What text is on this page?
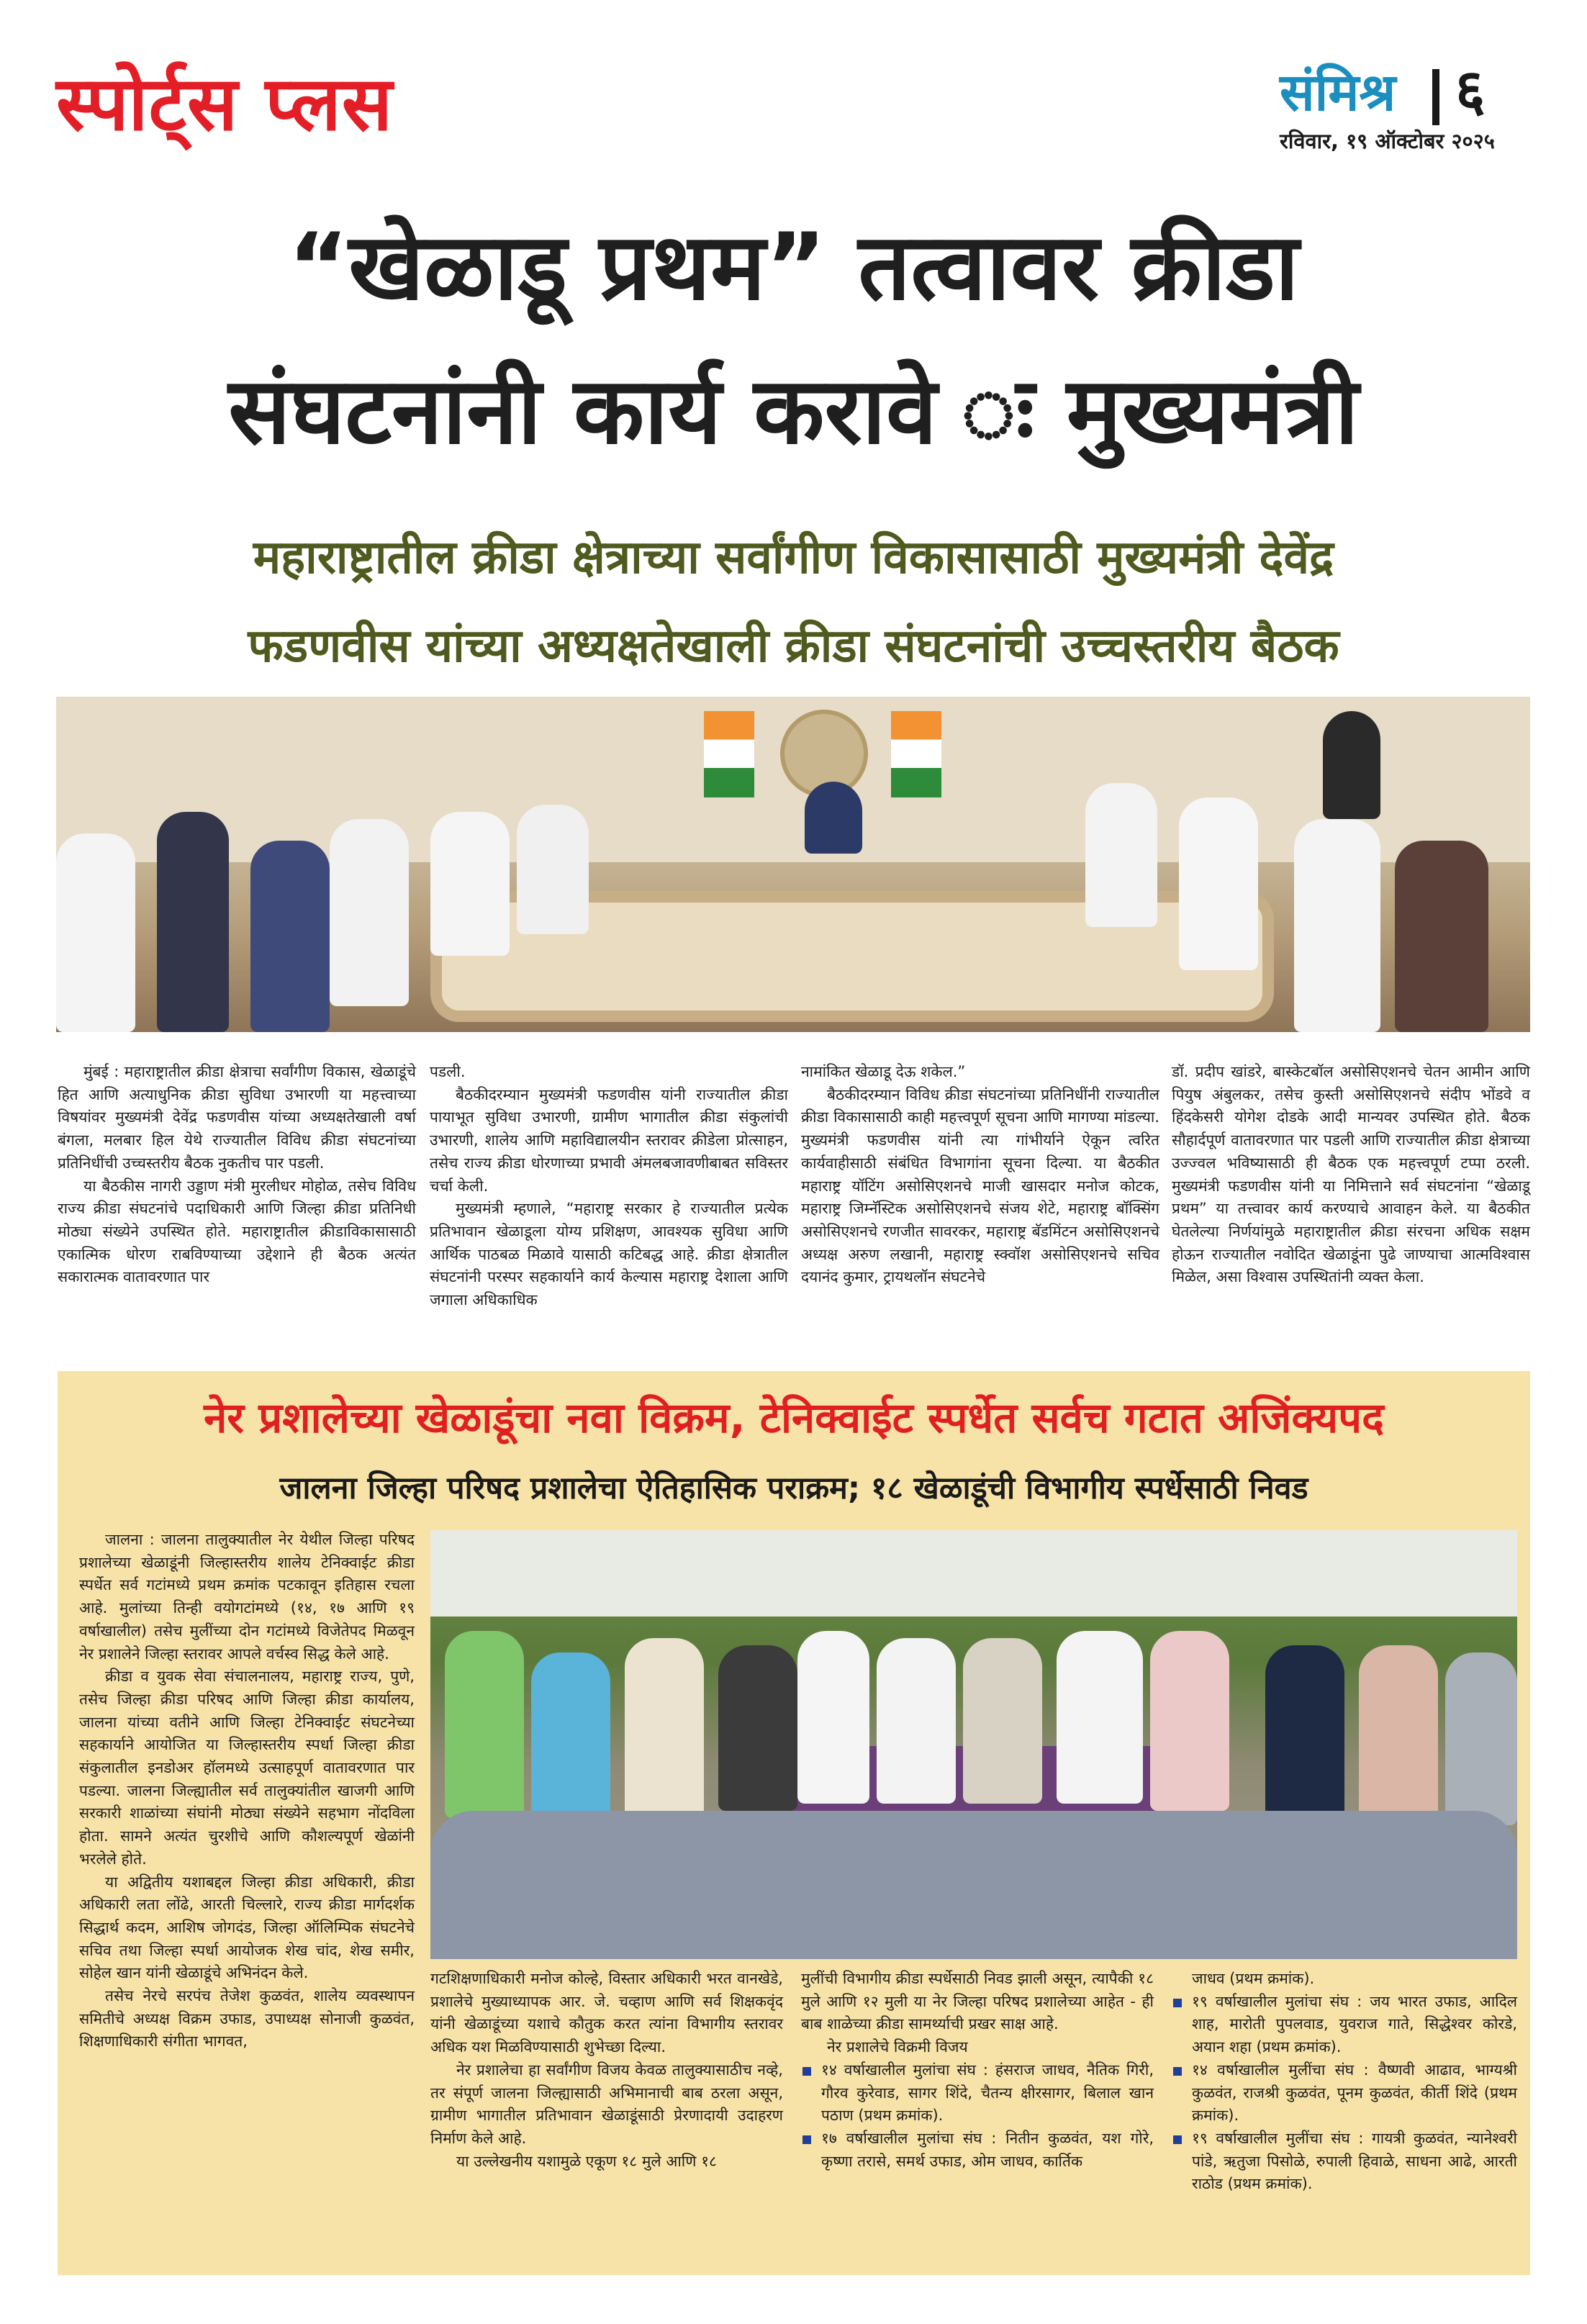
स्पोर्ट्स प्लस	संमिश्र ६
रविवार, १९ ऑक्टोबर २०२५
“खेळाडू प्रथम” तत्वावर क्रीडा
संघटनांनी कार्य करावे ः मुख्यमंत्री
महाराष्ट्रातील क्रीडा क्षेत्राच्या सर्वांगीण विकासासाठी मुख्यमंत्री देवेंद्र
फडणवीस यांच्या अध्यक्षतेखाली क्रीडा संघटनांची उच्चस्तरीय बैठक

मुंबई : महाराष्ट्रातील क्रीडा क्षेत्राचा सर्वांगीण विकास, खेळाडूंचे हित आणि अत्याधुनिक क्रीडा सुविधा उभारणी या महत्त्वाच्या विषयांवर मुख्यमंत्री देवेंद्र फडणवीस यांच्या अध्यक्षतेखाली वर्षा बंगला, मलबार हिल येथे राज्यातील विविध क्रीडा संघटनांच्या प्रतिनिधींची उच्चस्तरीय बैठक नुकतीच पार पडली.

या बैठकीस नागरी उड्डाण मंत्री मुरलीधर मोहोळ, तसेच विविध राज्य क्रीडा संघटनांचे पदाधिकारी आणि जिल्हा क्रीडा प्रतिनिधी मोठ्या संख्येने उपस्थित होते. महाराष्ट्रातील क्रीडाविकासासाठी एकात्मिक धोरण राबविण्याच्या उद्देशाने ही बैठक अत्यंत सकारात्मक वातावरणात पार

पडली.

बैठकीदरम्यान मुख्यमंत्री फडणवीस यांनी राज्यातील क्रीडा पायाभूत सुविधा उभारणी, ग्रामीण भागातील क्रीडा संकुलांची उभारणी, शालेय आणि महाविद्यालयीन स्तरावर क्रीडेला प्रोत्साहन, तसेच राज्य क्रीडा धोरणाच्या प्रभावी अंमलबजावणीबाबत सविस्तर चर्चा केली.

मुख्यमंत्री म्हणाले, “महाराष्ट्र सरकार हे राज्यातील प्रत्येक प्रतिभावान खेळाडूला योग्य प्रशिक्षण, आवश्यक सुविधा आणि आर्थिक पाठबळ मिळावे यासाठी कटिबद्ध आहे. क्रीडा क्षेत्रातील संघटनांनी परस्पर सहकार्याने कार्य केल्यास महाराष्ट्र देशाला आणि जगाला अधिकाधिक

नामांकित खेळाडू देऊ शकेल.”

बैठकीदरम्यान विविध क्रीडा संघटनांच्या प्रतिनिधींनी राज्यातील क्रीडा विकासासाठी काही महत्त्वपूर्ण सूचना आणि मागण्या मांडल्या. मुख्यमंत्री फडणवीस यांनी त्या गांभीर्याने ऐकून त्वरित कार्यवाहीसाठी संबंधित विभागांना सूचना दिल्या. या बैठकीत महाराष्ट्र यॉटिंग असोसिएशनचे माजी खासदार मनोज कोटक, महाराष्ट्र जिम्नॅस्टिक असोसिएशनचे संजय शेटे, महाराष्ट्र बॉक्सिंग असोसिएशनचे रणजीत सावरकर, महाराष्ट्र बॅडमिंटन असोसिएशनचे अध्यक्ष अरुण लखानी, महाराष्ट्र स्क्वॉश असोसिएशनचे सचिव दयानंद कुमार, ट्रायथलॉन संघटनेचे

डॉ. प्रदीप खांडरे, बास्केटबॉल असोसिएशनचे चेतन आमीन आणि पियुष अंबुलकर, तसेच कुस्ती असोसिएशनचे संदीप भोंडवे व हिंदकेसरी योगेश दोडके आदी मान्यवर उपस्थित होते. बैठक सौहार्दपूर्ण वातावरणात पार पडली आणि राज्यातील क्रीडा क्षेत्राच्या उज्ज्वल भविष्यासाठी ही बैठक एक महत्त्वपूर्ण टप्पा ठरली. मुख्यमंत्री फडणवीस यांनी या निमित्ताने सर्व संघटनांना “खेळाडू प्रथम” या तत्त्वावर कार्य करण्याचे आवाहन केले. या बैठकीत घेतलेल्या निर्णयांमुळे महाराष्ट्रातील क्रीडा संरचना अधिक सक्षम होऊन राज्यातील नवोदित खेळाडूंना पुढे जाण्याचा आत्मविश्वास मिळेल, असा विश्वास उपस्थितांनी व्यक्त केला.

नेर प्रशालेच्या खेळाडूंचा नवा विक्रम, टेनिक्वाईट स्पर्धेत सर्वच गटात अजिंक्यपद
जालना जिल्हा परिषद प्रशालेचा ऐतिहासिक पराक्रम; १८ खेळाडूंची विभागीय स्पर्धेसाठी निवड

जालना : जालना तालुक्यातील नेर येथील जिल्हा परिषद प्रशालेच्या खेळाडूंनी जिल्हास्तरीय शालेय टेनिक्वाईट क्रीडा स्पर्धेत सर्व गटांमध्ये प्रथम क्रमांक पटकावून इतिहास रचला आहे. मुलांच्या तिन्ही वयोगटांमध्ये (१४, १७ आणि १९ वर्षाखालील) तसेच मुलींच्या दोन गटांमध्ये विजेतेपद मिळवून नेर प्रशालेने जिल्हा स्तरावर आपले वर्चस्व सिद्ध केले आहे.

क्रीडा व युवक सेवा संचालनालय, महाराष्ट्र राज्य, पुणे, तसेच जिल्हा क्रीडा परिषद आणि जिल्हा क्रीडा कार्यालय, जालना यांच्या वतीने आणि जिल्हा टेनिक्वाईट संघटनेच्या सहकार्याने आयोजित या जिल्हास्तरीय स्पर्धा जिल्हा क्रीडा संकुलातील इनडोअर हॉलमध्ये उत्साहपूर्ण वातावरणात पार पडल्या. जालना जिल्ह्यातील सर्व तालुक्यांतील खाजगी आणि सरकारी शाळांच्या संघांनी मोठ्या संख्येने सहभाग नोंदविला होता. सामने अत्यंत चुरशीचे आणि कौशल्यपूर्ण खेळांनी भरलेले होते.

या अद्वितीय यशाबद्दल जिल्हा क्रीडा अधिकारी, क्रीडा अधिकारी लता लोंढे, आरती चिल्लारे, राज्य क्रीडा मार्गदर्शक सिद्धार्थ कदम, आशिष जोगदंड, जिल्हा ऑलिम्पिक संघटनेचे सचिव तथा जिल्हा स्पर्धा आयोजक शेख चांद, शेख समीर, सोहेल खान यांनी खेळाडूंचे अभिनंदन केले.

तसेच नेरचे सरपंच तेजेश कुळवंत, शालेय व्यवस्थापन समितीचे अध्यक्ष विक्रम उफाड, उपाध्यक्ष सोनाजी कुळवंत, शिक्षणाधिकारी संगीता भागवत,

गटशिक्षणाधिकारी मनोज कोल्हे, विस्तार अधिकारी भरत वानखेडे, प्रशालेचे मुख्याध्यापक आर. जे. चव्हाण आणि सर्व शिक्षकवृंद यांनी खेळाडूंच्या यशाचे कौतुक करत त्यांना विभागीय स्तरावर अधिक यश मिळविण्यासाठी शुभेच्छा दिल्या.

नेर प्रशालेचा हा सर्वांगीण विजय केवळ तालुक्यासाठीच नव्हे, तर संपूर्ण जालना जिल्ह्यासाठी अभिमानाची बाब ठरला असून, ग्रामीण भागातील प्रतिभावान खेळाडूंसाठी प्रेरणादायी उदाहरण निर्माण केले आहे.

या उल्लेखनीय यशामुळे एकूण १८ मुले आणि १८

मुलींची विभागीय क्रीडा स्पर्धेसाठी निवड झाली असून, त्यापैकी १८ मुले आणि १२ मुली या नेर जिल्हा परिषद प्रशालेच्या आहेत - ही बाब शाळेच्या क्रीडा सामर्थ्याची प्रखर साक्ष आहे.

नेर प्रशालेचे विक्रमी विजय

१४ वर्षाखालील मुलांचा संघ : हंसराज जाधव, नैतिक गिरी, गौरव कुरेवाड, सागर शिंदे, चैतन्य क्षीरसागर, बिलाल खान पठाण (प्रथम क्रमांक).

१७ वर्षाखालील मुलांचा संघ : नितीन कुळवंत, यश गोरे, कृष्णा तरासे, समर्थ उफाड, ओम जाधव, कार्तिक

जाधव (प्रथम क्रमांक).

१९ वर्षाखालील मुलांचा संघ : जय भारत उफाड, आदिल शाह, मारोती पुपलवाड, युवराज गाते, सिद्धेश्वर कोरडे, अयान शहा (प्रथम क्रमांक).

१४ वर्षाखालील मुलींचा संघ : वैष्णवी आढाव, भाग्यश्री कुळवंत, राजश्री कुळवंत, पूनम कुळवंत, कीर्ती शिंदे (प्रथम क्रमांक).

१९ वर्षाखालील मुलींचा संघ : गायत्री कुळवंत, न्यानेश्वरी पांडे, ऋतुजा पिसोळे, रुपाली हिवाळे, साधना आढे, आरती राठोड (प्रथम क्रमांक).
